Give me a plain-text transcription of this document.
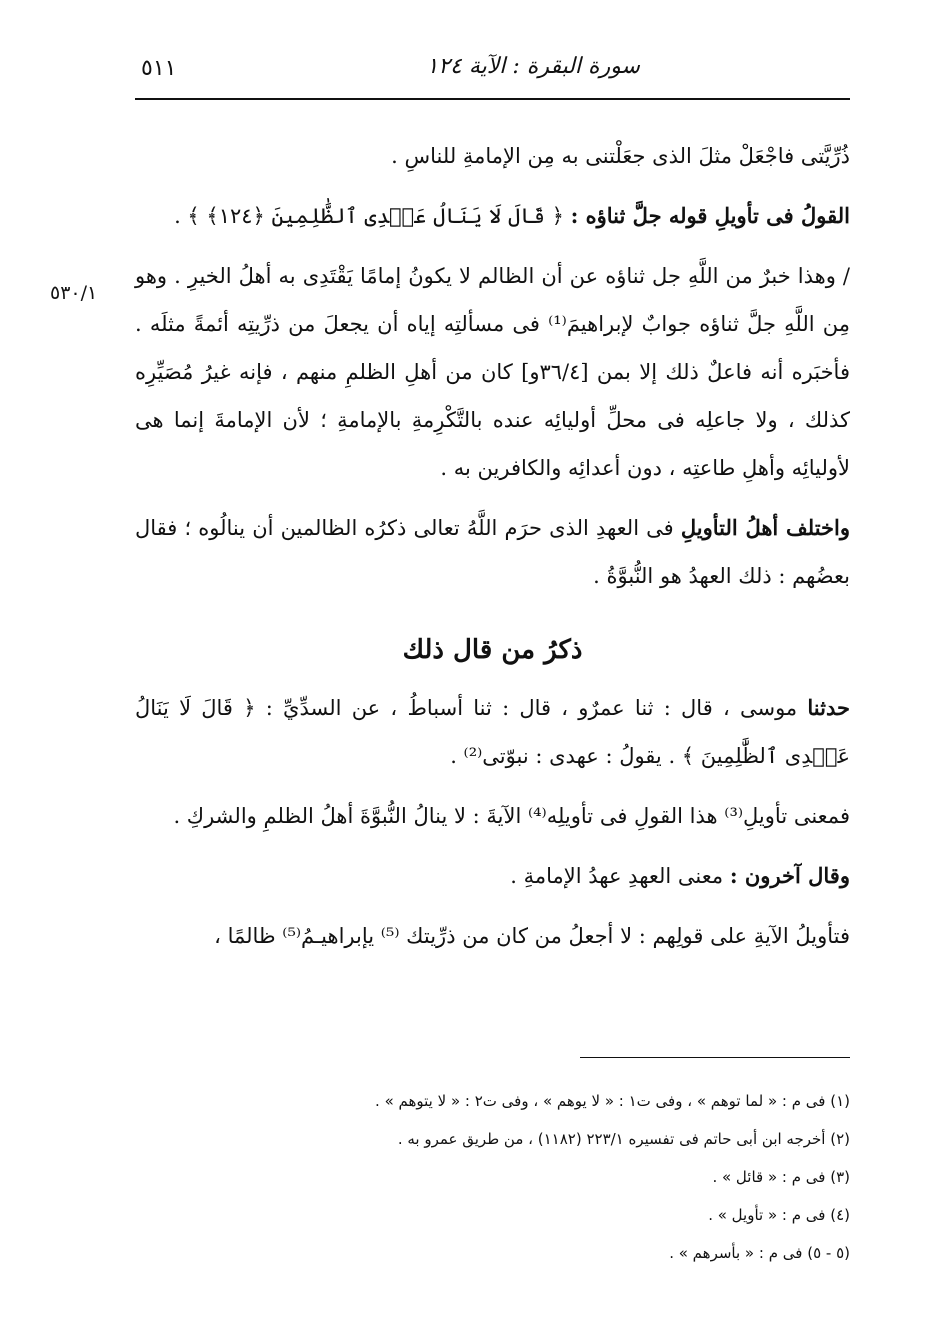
٥١١	سورة البقرة : الآية ١٢٤
٥٣٠/١

ذُرِّيَّتى فاجْعَلْ مثلَ الذى جعَلْتنى به مِن الإمامةِ للناسِ .

القولُ فى تأويلِ قوله جلَّ ثناؤه : ﴿ قَالَ لَا يَنَالُ عَهۡدِى ٱلظَّٰلِمِينَ ﴿١٢٤﴾ ﴾ .

/ وهذا خبرٌ من اللَّهِ جل ثناؤه عن أن الظالم لا يكونُ إمامًا يَقْتَدِى به أهلُ الخيرِ . وهو مِن اللَّهِ جلَّ ثناؤه جوابٌ لإبراهيمَ⁽¹⁾ فى مسألتِه إياه أن يجعلَ من ذرِّيتِه أئمةً مثلَه . فأخبَره أنه فاعلٌ ذلك إلا بمن [٣٦/٤و] كان من أهلِ الظلمِ منهم ، فإنه غيرُ مُصَيِّرِه كذلك ، ولا جاعلِه فى محلِّ أوليائِه عنده بالتَّكْرِمةِ بالإمامةِ ؛ لأن الإمامةَ إنما هى لأوليائِه وأهلِ طاعتِه ، دون أعدائِه والكافرين به .

واختلف أهلُ التأويلِ فى العهدِ الذى حرَم اللَّهُ تعالى ذكرُه الظالمين أن ينالُوه ؛ فقال بعضُهم : ذلك العهدُ هو النُّبوَّةُ .

ذكرُ من قال ذلك

حدثنا موسى ، قال : ثنا عمرٌو ، قال : ثنا أسباطُ ، عن السدِّيِّ : ﴿ قَالَ لَا يَنَالُ عَهۡدِى ٱلظَّٰلِمِينَ ﴾ . يقولُ : عهدى : نبوّتى⁽²⁾ .

فمعنى تأويلِ⁽³⁾ هذا القولِ فى تأويلِه⁽⁴⁾ الآيةَ : لا ينالُ النُّبوَّةَ أهلُ الظلمِ والشركِ .

وقال آخرون : معنى العهدِ عهدُ الإمامةِ .

فتأويلُ الآيةِ على قولِهم : لا أجعلُ من كان من ذرِّيتك ⁽⁵⁾ يإبراهيـمُ⁽⁵⁾ ظالمًا ،

(١) فى م : « لما توهم » ، وفى ت١ : « لا يوهم » ، وفى ت٢ : « لا يتوهم » .

(٢) أخرجه ابن أبى حاتم فى تفسيره ٢٢٣/١ (١١٨٢) ، من طريق عمرو به .

(٣) فى م : « قائل » .

(٤) فى م : « تأويل » .

(٥ - ٥) فى م : « بأسرهم » .
